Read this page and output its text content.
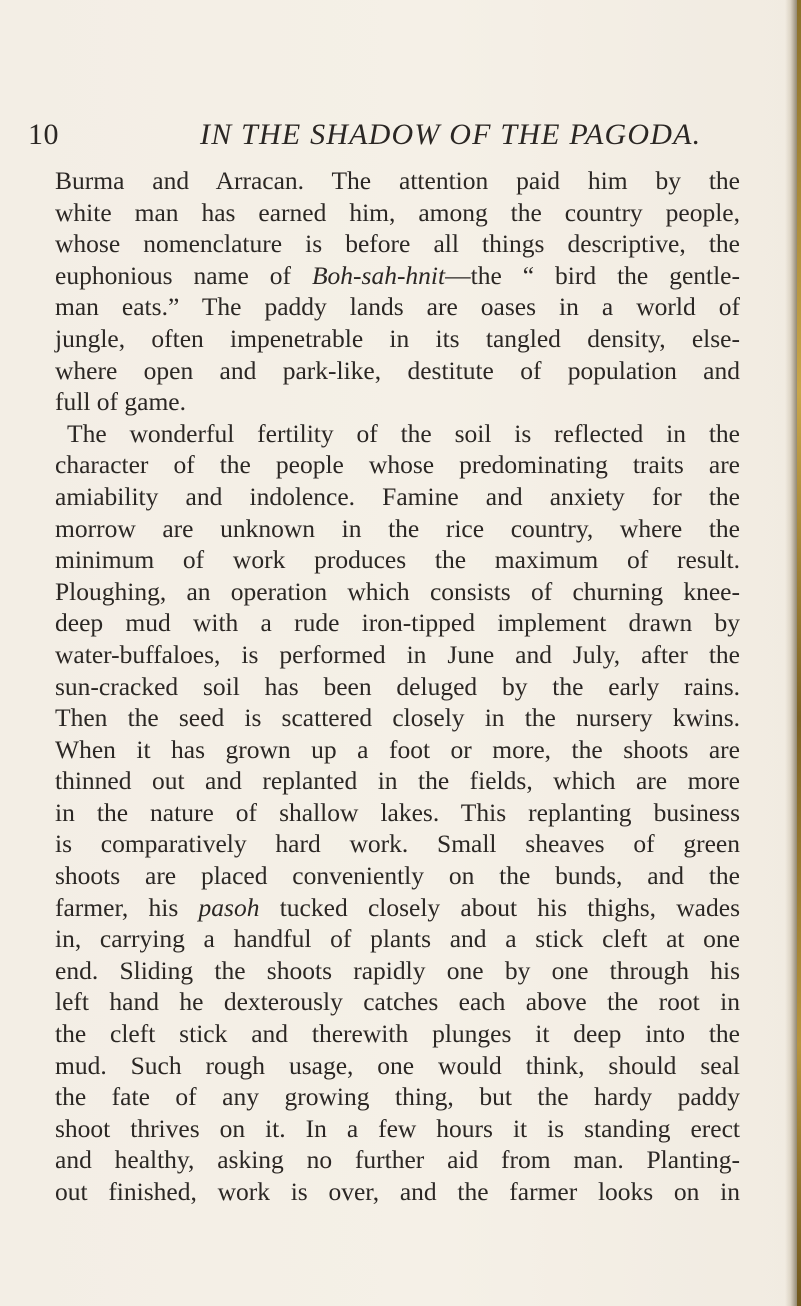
10	IN THE SHADOW OF THE PAGODA.
Burma and Arracan. The attention paid him by the
white man has earned him, among the country people,
whose nomenclature is before all things descriptive, the
euphonious name of Boh-sah-hnit—the “ bird the gentle-
man eats.” The paddy lands are oases in a world of
jungle, often impenetrable in its tangled density, else-
where open and park-like, destitute of population and
full of game.
The wonderful fertility of the soil is reflected in the
character of the people whose predominating traits are
amiability and indolence. Famine and anxiety for the
morrow are unknown in the rice country, where the
minimum of work produces the maximum of result.
Ploughing, an operation which consists of churning knee-
deep mud with a rude iron-tipped implement drawn by
water-buffaloes, is performed in June and July, after the
sun-cracked soil has been deluged by the early rains.
Then the seed is scattered closely in the nursery kwins.
When it has grown up a foot or more, the shoots are
thinned out and replanted in the fields, which are more
in the nature of shallow lakes. This replanting business
is comparatively hard work. Small sheaves of green
shoots are placed conveniently on the bunds, and the
farmer, his pasoh tucked closely about his thighs, wades
in, carrying a handful of plants and a stick cleft at one
end. Sliding the shoots rapidly one by one through his
left hand he dexterously catches each above the root in
the cleft stick and therewith plunges it deep into the
mud. Such rough usage, one would think, should seal
the fate of any growing thing, but the hardy paddy
shoot thrives on it. In a few hours it is standing erect
and healthy, asking no further aid from man. Planting-
out finished, work is over, and the farmer looks on in
